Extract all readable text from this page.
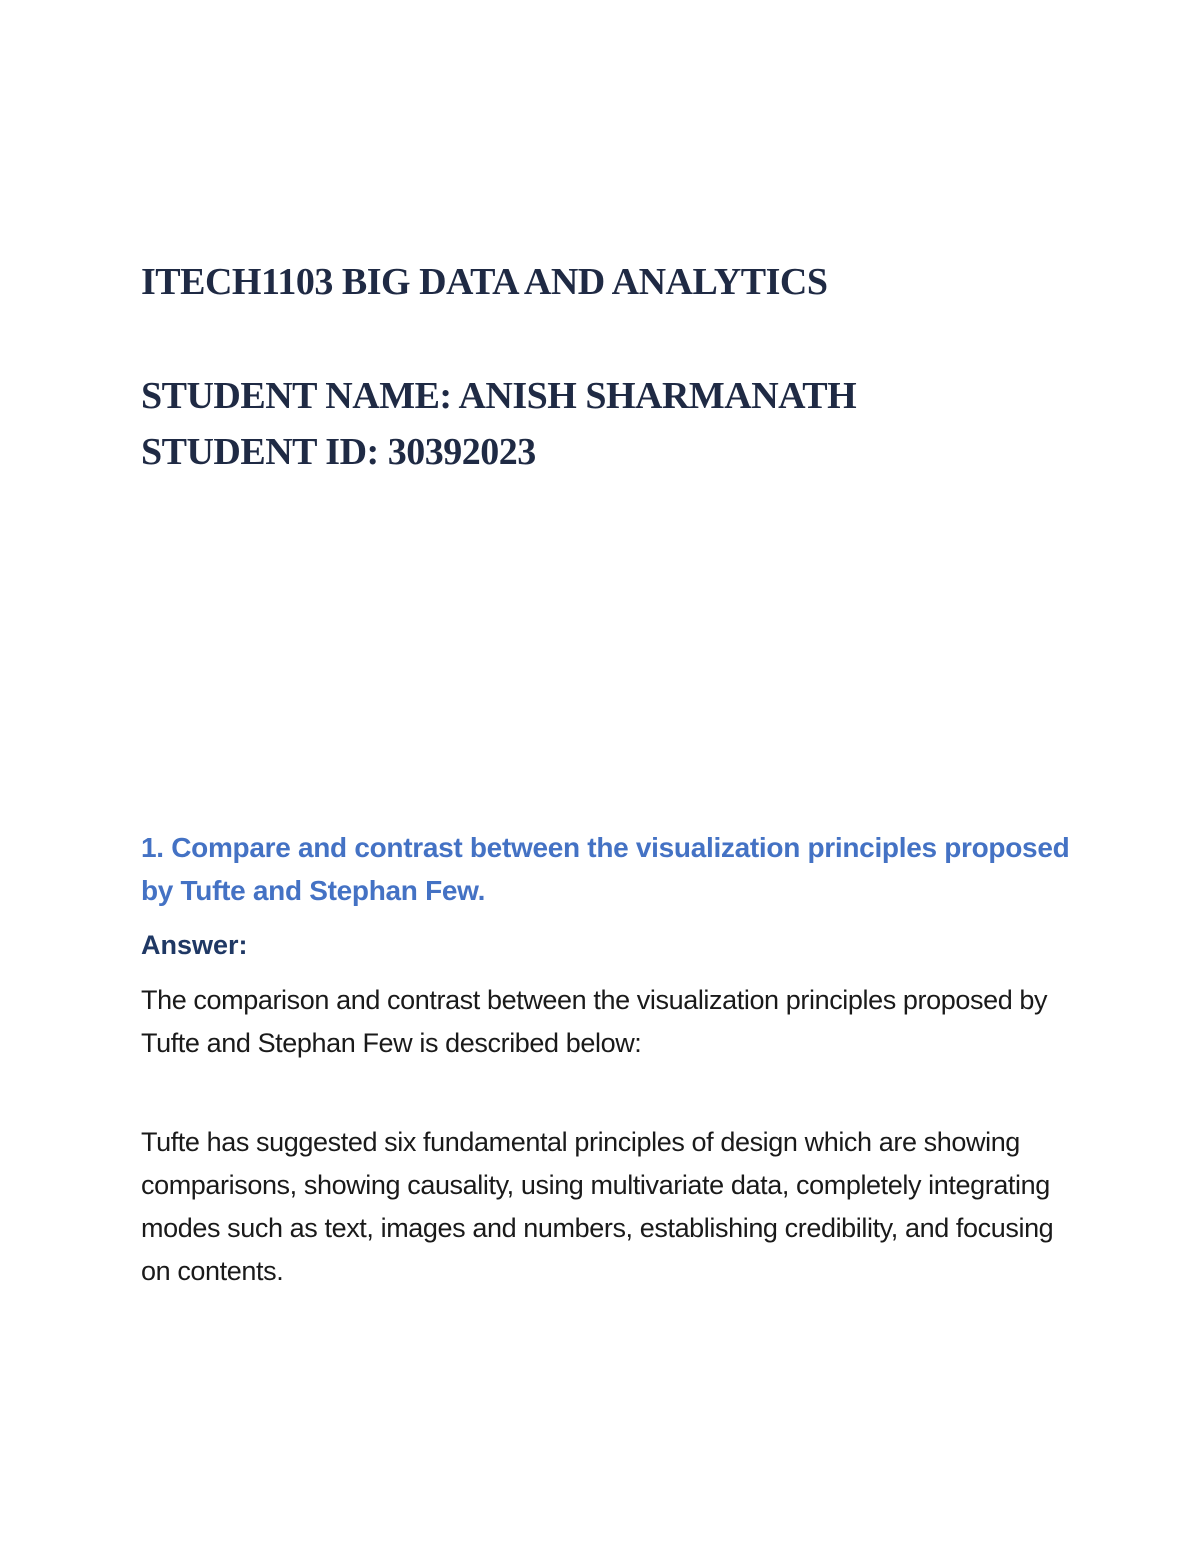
ITECH1103 BIG DATA AND ANALYTICS
STUDENT NAME: ANISH SHARMANATH
STUDENT ID: 30392023
1. Compare and contrast between the visualization principles proposed by Tufte and Stephan Few.
Answer:

The comparison and contrast between the visualization principles proposed by Tufte and Stephan Few is described below:

Tufte has suggested six fundamental principles of design which are showing comparisons, showing causality, using multivariate data, completely integrating modes such as text, images and numbers, establishing credibility, and focusing on contents.
